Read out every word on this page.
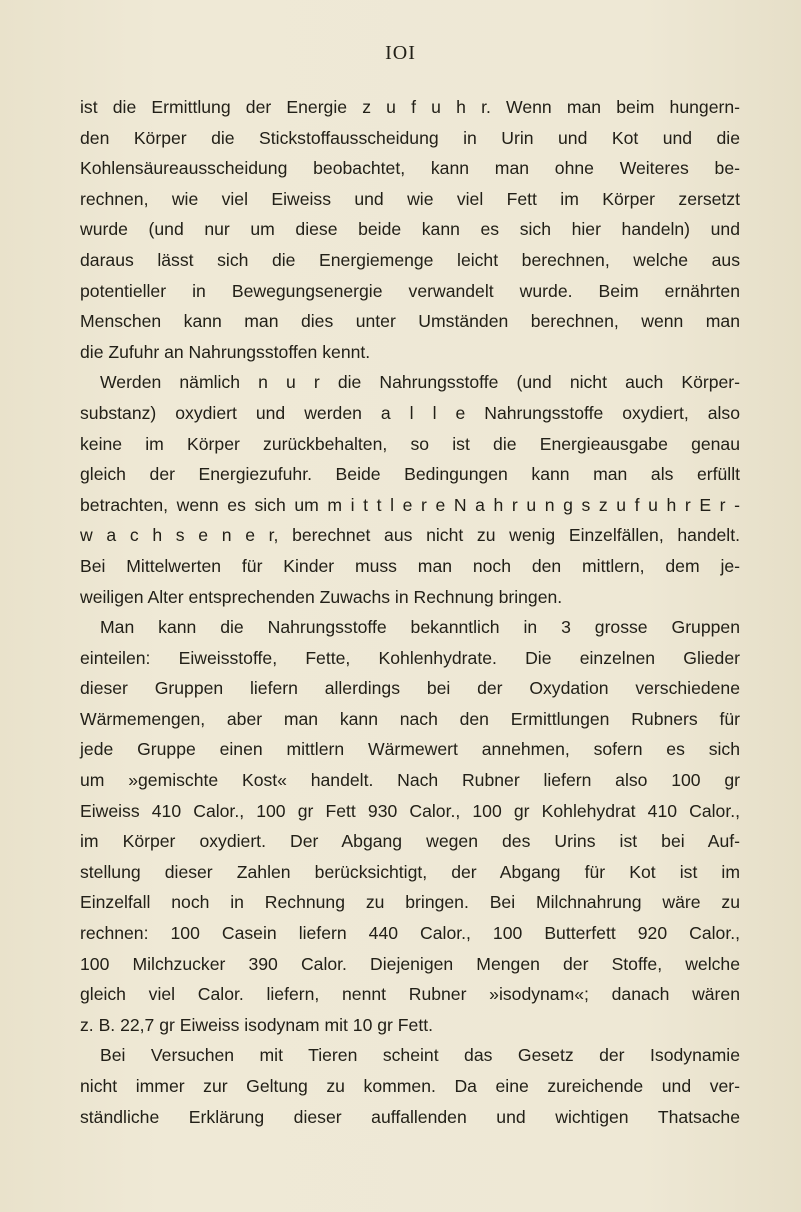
IOI
ist die Ermittlung der Energie z u f u h r. Wenn man beim hungern-
den Körper die Stickstoffausscheidung in Urin und Kot und die
Kohlensäureausscheidung beobachtet, kann man ohne Weiteres be-
rechnen, wie viel Eiweiss und wie viel Fett im Körper zersetzt
wurde (und nur um diese beide kann es sich hier handeln) und
daraus lässt sich die Energiemenge leicht berechnen, welche aus
potentieller in Bewegungsenergie verwandelt wurde. Beim ernährten
Menschen kann man dies unter Umständen berechnen, wenn man
die Zufuhr an Nahrungsstoffen kennt.
Werden nämlich n u r die Nahrungsstoffe (und nicht auch Körper-
substanz) oxydiert und werden a l l e Nahrungsstoffe oxydiert, also
keine im Körper zurückbehalten, so ist die Energieausgabe genau
gleich der Energiezufuhr. Beide Bedingungen kann man als erfüllt
betrachten, wenn es sich um m i t t l e r e N a h r u n g s z u f u h r E r -
w a c h s e n e r, berechnet aus nicht zu wenig Einzelfällen, handelt.
Bei Mittelwerten für Kinder muss man noch den mittlern, dem je-
weiligen Alter entsprechenden Zuwachs in Rechnung bringen.
Man kann die Nahrungsstoffe bekanntlich in 3 grosse Gruppen
einteilen: Eiweisstoffe, Fette, Kohlenhydrate. Die einzelnen Glieder
dieser Gruppen liefern allerdings bei der Oxydation verschiedene
Wärmemengen, aber man kann nach den Ermittlungen Rubners für
jede Gruppe einen mittlern Wärmewert annehmen, sofern es sich
um »gemischte Kost« handelt. Nach Rubner liefern also 100 gr
Eiweiss 410 Calor., 100 gr Fett 930 Calor., 100 gr Kohlehydrat 410 Calor.,
im Körper oxydiert. Der Abgang wegen des Urins ist bei Auf-
stellung dieser Zahlen berücksichtigt, der Abgang für Kot ist im
Einzelfall noch in Rechnung zu bringen. Bei Milchnahrung wäre zu
rechnen: 100 Casein liefern 440 Calor., 100 Butterfett 920 Calor.,
100 Milchzucker 390 Calor. Diejenigen Mengen der Stoffe, welche
gleich viel Calor. liefern, nennt Rubner »isodynam«; danach wären
z. B. 22,7 gr Eiweiss isodynam mit 10 gr Fett.
Bei Versuchen mit Tieren scheint das Gesetz der Isodynamie
nicht immer zur Geltung zu kommen. Da eine zureichende und ver-
ständliche Erklärung dieser auffallenden und wichtigen Thatsache
